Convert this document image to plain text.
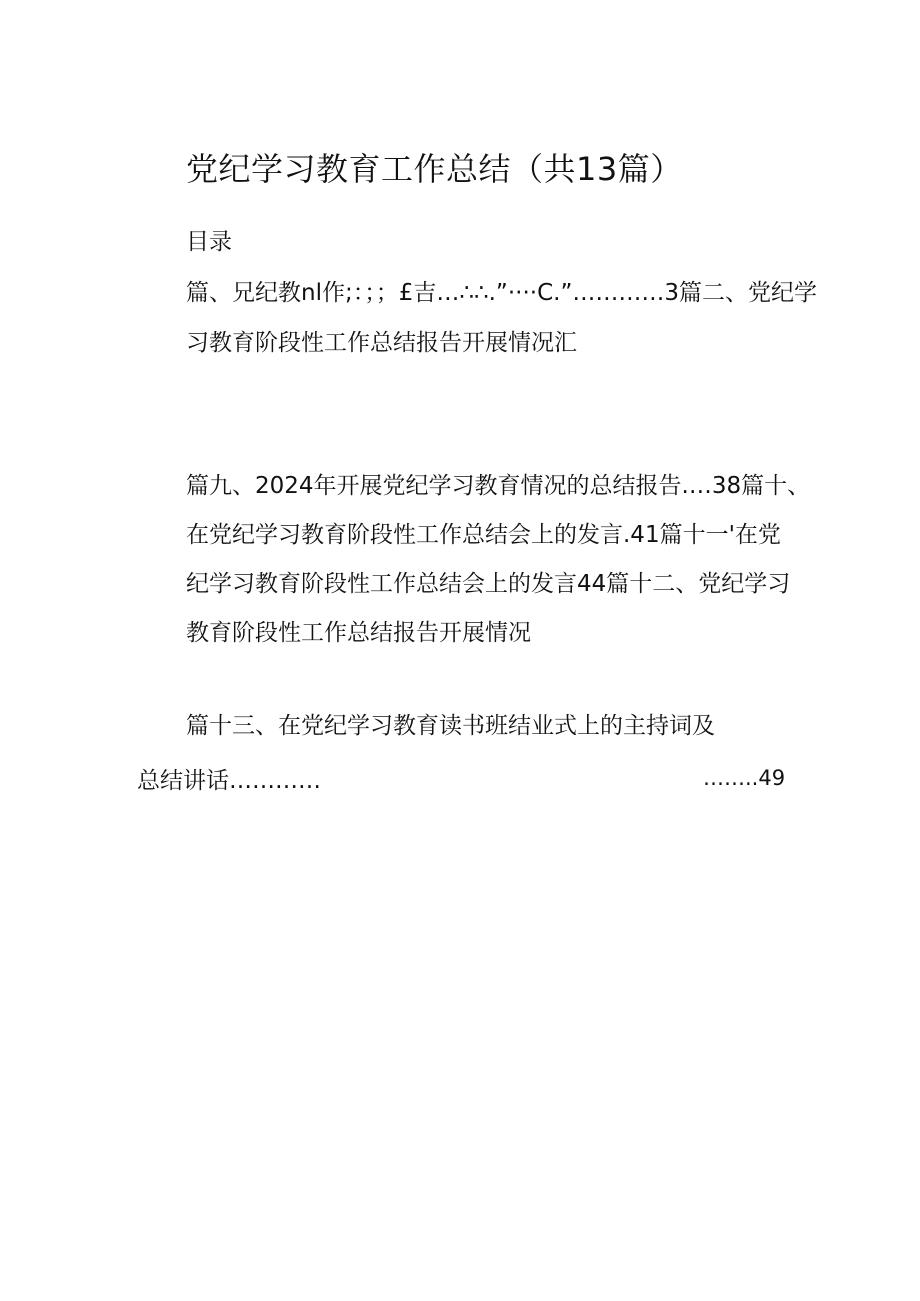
党纪学习教育工作总结（共13篇）
目录
篇、兄纪教nl作;：；；£吉…∴∴.”····C.”…………3篇二、党纪学
习教育阶段性工作总结报告开展情况汇
篇九、2024年开展党纪学习教育情况的总结报告.…38篇十、
在党纪学习教育阶段性工作总结会上的发言.41篇十一'在党
纪学习教育阶段性工作总结会上的发言44篇十二、党纪学习
教育阶段性工作总结报告开展情况
篇十三、在党纪学习教育读书班结业式上的主持词及
总结讲话…………	……..49
